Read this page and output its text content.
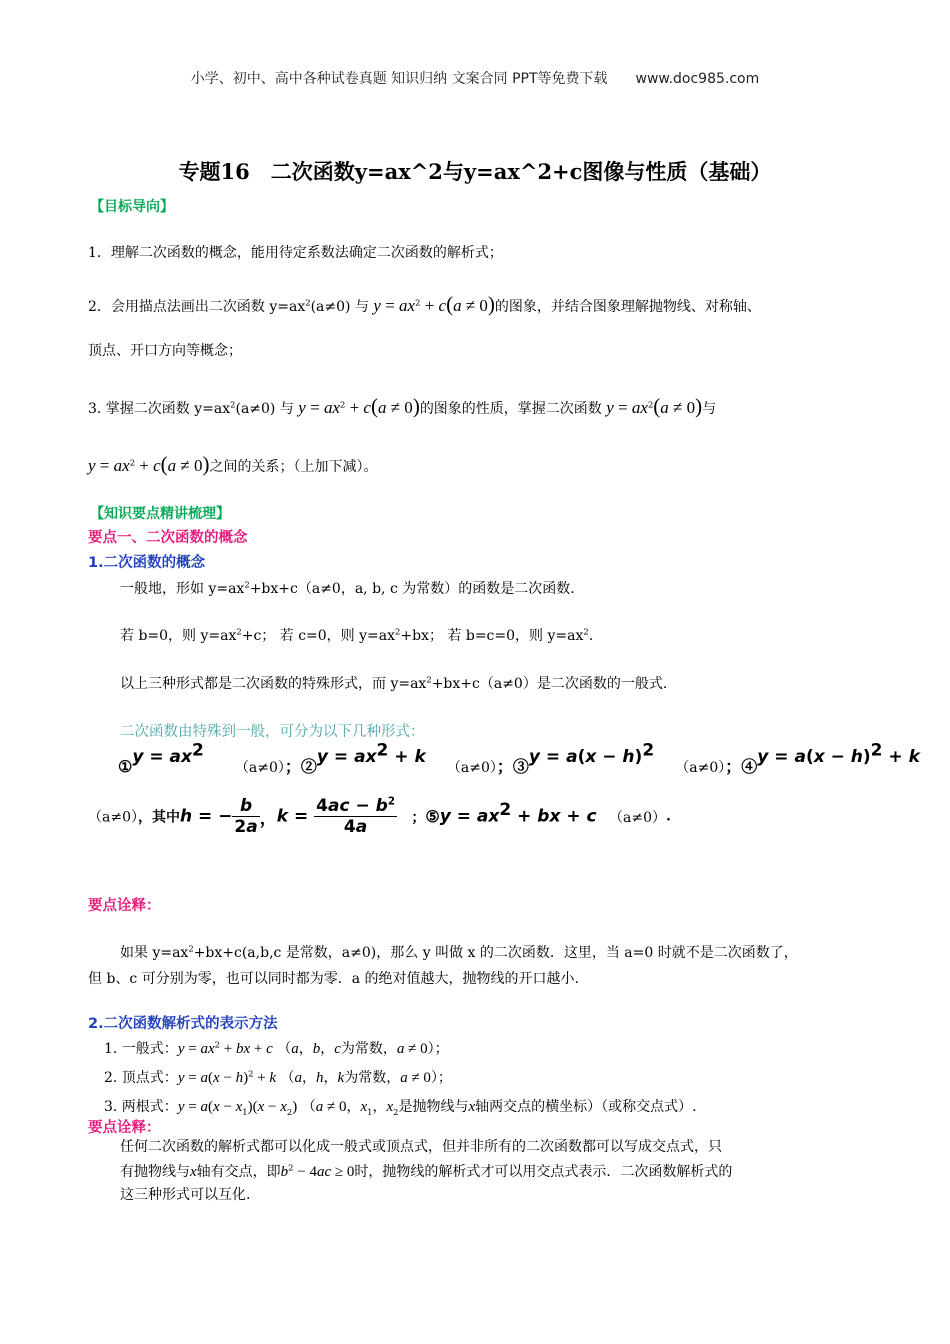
小学、初中、高中各种试卷真题 知识归纳 文案合同 PPT等免费下载 www.doc985.com
专题16　二次函数y=ax^2与y=ax^2+c图像与性质（基础）
【目标导向】
1．理解二次函数的概念，能用待定系数法确定二次函数的解析式；
2．会用描点法画出二次函数 $y=ax^2(a\ne 0)$ 与 $y = ax^2 + c(a \ne 0)$的图象，并结合图象理解抛物线、对称轴、
顶点、开口方向等概念；
3. 掌握二次函数 $y=ax^2(a\ne 0)$ 与 $y = ax^2 + c(a \ne 0)$的图象的性质，掌握二次函数 $y = ax^2(a \ne 0)$与
$y = ax^2 + c(a \ne 0)$之间的关系；（上加下减）。
【知识要点精讲梳理】
要点一、二次函数的概念
1.二次函数的概念
一般地，形如 $y=ax^2+bx+c(a\ne 0$，a, b, c 为常数）的函数是二次函数.
若 b=0，则 $y=ax^2+c$； 若 c=0，则 $y=ax^2+bx$； 若 b=c=0，则 $y=ax^2$.
以上三种形式都是二次函数的特殊形式，而 $y=ax^2+bx+c(a\ne 0)$是二次函数的一般式.
二次函数由特殊到一般，可分为以下几种形式：
①y = $ax^2$ （a≠0）；②y = $ax^2 + k$ （a≠0）；③y = $a(x - h)^2$ （a≠0）；④y = $a(x - h)^2 + k$
（a≠0），其中h = − $\frac{b}{2a}$ ，$k = \frac{4ac - b^2}{4a}$ ；⑤y = $ax^2$ + bx + c （a≠0）.
要点诠释：
如果 $y=ax^2+bx+c(a,b,c$ 是常数，a≠0)，那么 y 叫做 x 的二次函数．这里，当 a=0 时就不是二次函数了，
但 b、c 可分别为零，也可以同时都为零．a 的绝对值越大，抛物线的开口越小.
2.二次函数解析式的表示方法
1. 一般式：$y = ax^2$ + bx + c （a，b，c为常数，a ≠ 0）；
2. 顶点式：$y = a(x - h)^2 + k$ （a，h，k为常数，a ≠ 0）；
3. 两根式：$y = a(x - x_1)(x - x_2)$ （a ≠ 0，$x_1$，$x_2$是抛物线与x轴两交点的横坐标）（或称交点式）.
要点诠释：
任何二次函数的解析式都可以化成一般式或顶点式，但并非所有的二次函数都可以写成交点式，只
有抛物线与x轴有交点，即$b^2 - 4ac \ge 0$时，抛物线的解析式才可以用交点式表示．二次函数解析式的
这三种形式可以互化.
